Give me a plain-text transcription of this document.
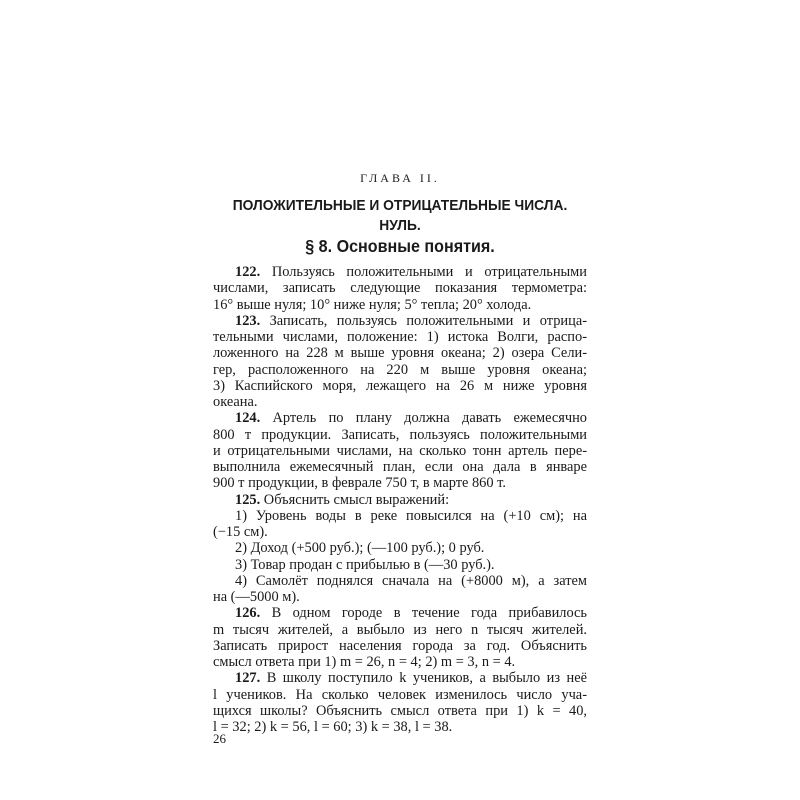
ГЛАВА II.
ПОЛОЖИТЕЛЬНЫЕ И ОТРИЦАТЕЛЬНЫЕ ЧИСЛА.
НУЛЬ.
§ 8. Основные понятия.
122. Пользуясь положительными и отрицательными
числами, записать следующие показания термометра:
16° выше нуля; 10° ниже нуля; 5° тепла; 20° холода.
123. Записать, пользуясь положительными и отрица-
тельными числами, положение: 1) истока Волги, распо-
ложенного на 228 м выше уровня океана; 2) озера Сели-
гер, расположенного на 220 м выше уровня океана;
3) Каспийского моря, лежащего на 26 м ниже уровня
океана.
124. Артель по плану должна давать ежемесячно
800 т продукции. Записать, пользуясь положительными
и отрицательными числами, на сколько тонн артель пере-
выполнила ежемесячный план, если она дала в январе
900 т продукции, в феврале 750 т, в марте 860 т.
125. Объяснить смысл выражений:
1) Уровень воды в реке повысился на (+10 см); на
(−15 см).
2) Доход (+500 руб.); (—100 руб.); 0 руб.
3) Товар продан с прибылью в (—30 руб.).
4) Самолёт поднялся сначала на (+8000 м), а затем
на (—5000 м).
126. В одном городе в течение года прибавилось
m тысяч жителей, а выбыло из него n тысяч жителей.
Записать прирост населения города за год. Объяснить
смысл ответа при 1) m = 26, n = 4; 2) m = 3, n = 4.
127. В школу поступило k учеников, а выбыло из неё
l учеников. На сколько человек изменилось число уча-
щихся школы? Объяснить смысл ответа при 1) k = 40,
l = 32; 2) k = 56, l = 60; 3) k = 38, l = 38.
26
